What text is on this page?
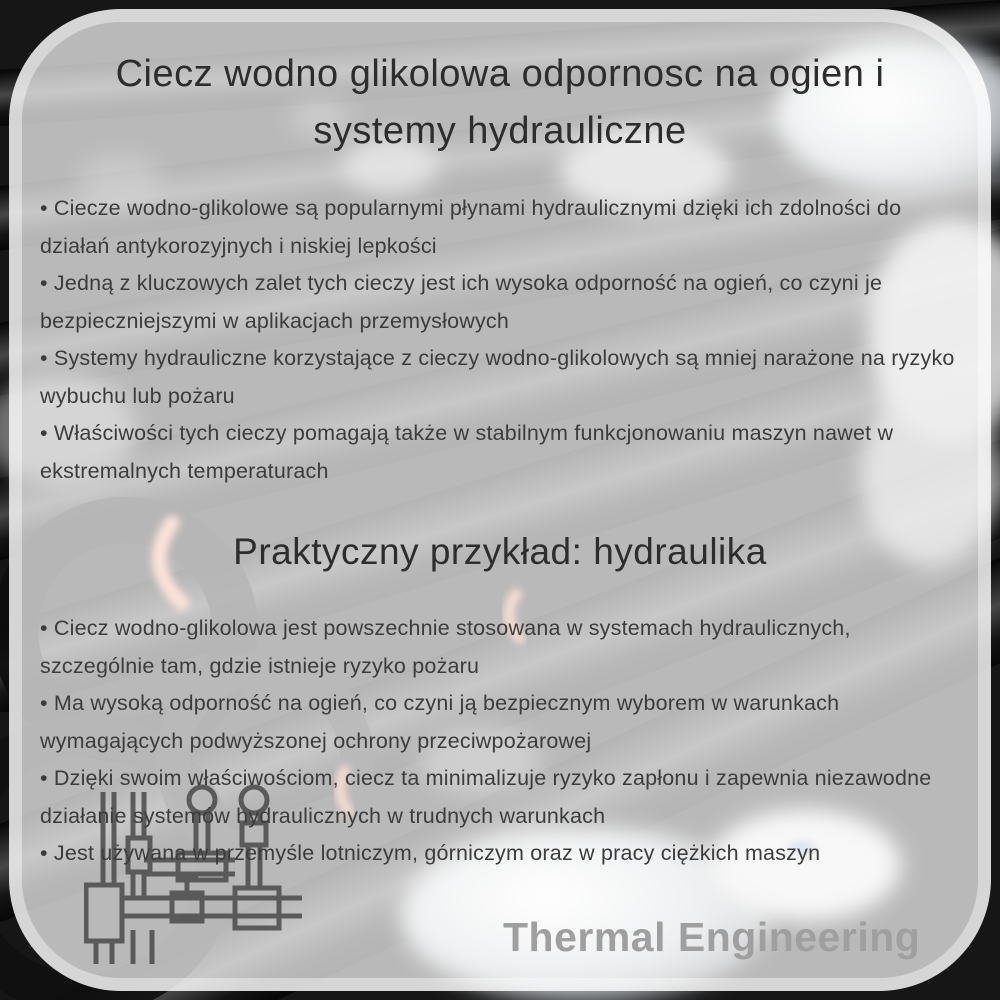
Ciecz wodno glikolowa odpornosc na ogien i systemy hydrauliczne

• Ciecze wodno-glikolowe są popularnymi płynami hydraulicznymi dzięki ich zdolności do działań antykorozyjnych i niskiej lepkości

• Jedną z kluczowych zalet tych cieczy jest ich wysoka odporność na ogień, co czyni je bezpieczniejszymi w aplikacjach przemysłowych

• Systemy hydrauliczne korzystające z cieczy wodno-glikolowych są mniej narażone na ryzyko wybuchu lub pożaru

• Właściwości tych cieczy pomagają także w stabilnym funkcjonowaniu maszyn nawet w ekstremalnych temperaturach

Praktyczny przykład: hydraulika

• Ciecz wodno-glikolowa jest powszechnie stosowana w systemach hydraulicznych, szczególnie tam, gdzie istnieje ryzyko pożaru

• Ma wysoką odporność na ogień, co czyni ją bezpiecznym wyborem w warunkach wymagających podwyższonej ochrony przeciwpożarowej

• Dzięki swoim właściwościom, ciecz ta minimalizuje ryzyko zapłonu i zapewnia niezawodne działanie systemów hydraulicznych w trudnych warunkach

• Jest używana w przemyśle lotniczym, górniczym oraz w pracy ciężkich maszyn

Thermal Engineering
